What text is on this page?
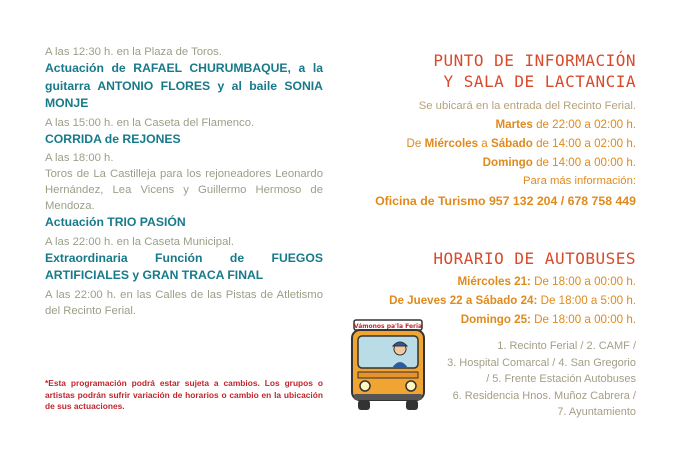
A las 12:30 h. en la Plaza de Toros.
Actuación de RAFAEL CHURUMBAQUE, a la guitarra ANTONIO FLORES y al baile SONIA MONJE
A las 15:00 h. en la Caseta del Flamenco.
CORRIDA de REJONES
A las 18:00 h.
Toros de La Castilleja para los rejoneadores Leonardo Hernández, Lea Vicens y Guillermo Hermoso de Mendoza.
Actuación TRIO PASIÓN
A las 22:00 h. en la Caseta Municipal.
Extraordinaria Función de FUEGOS
ARTIFICIALES y GRAN TRACA FINAL
A las 22:00 h. en las Calles de las Pistas de Atletismo del Recinto Ferial.
*Esta programación podrá estar sujeta a cambios. Los grupos o artistas podrán sufrir variación de horarios o cambio en la ubicación de sus actuaciones.
PUNTO DE INFORMACIÓN
Y SALA DE LACTANCIA
Se ubicará en la entrada del Recinto Ferial.
Martes de 22:00 a 02:00 h.
De Miércoles a Sábado de 14:00 a 02:00 h.
Domingo de 14:00 a 00:00 h.
Para más información:
Oficina de Turismo 957 132 204 / 678 758 449
HORARIO DE AUTOBUSES
Miércoles 21: De 18:00 a 00:00 h.
De Jueves 22 a Sábado 24: De 18:00 a 5:00 h.
Domingo 25: De 18:00 a 00:00 h.
1. Recinto Ferial / 2. CAMF /
3. Hospital Comarcal / 4. San Gregorio
/ 5. Frente Estación Autobuses
6. Residencia Hnos. Muñoz Cabrera /
7. Ayuntamiento
Vámonos pa'la Feria
